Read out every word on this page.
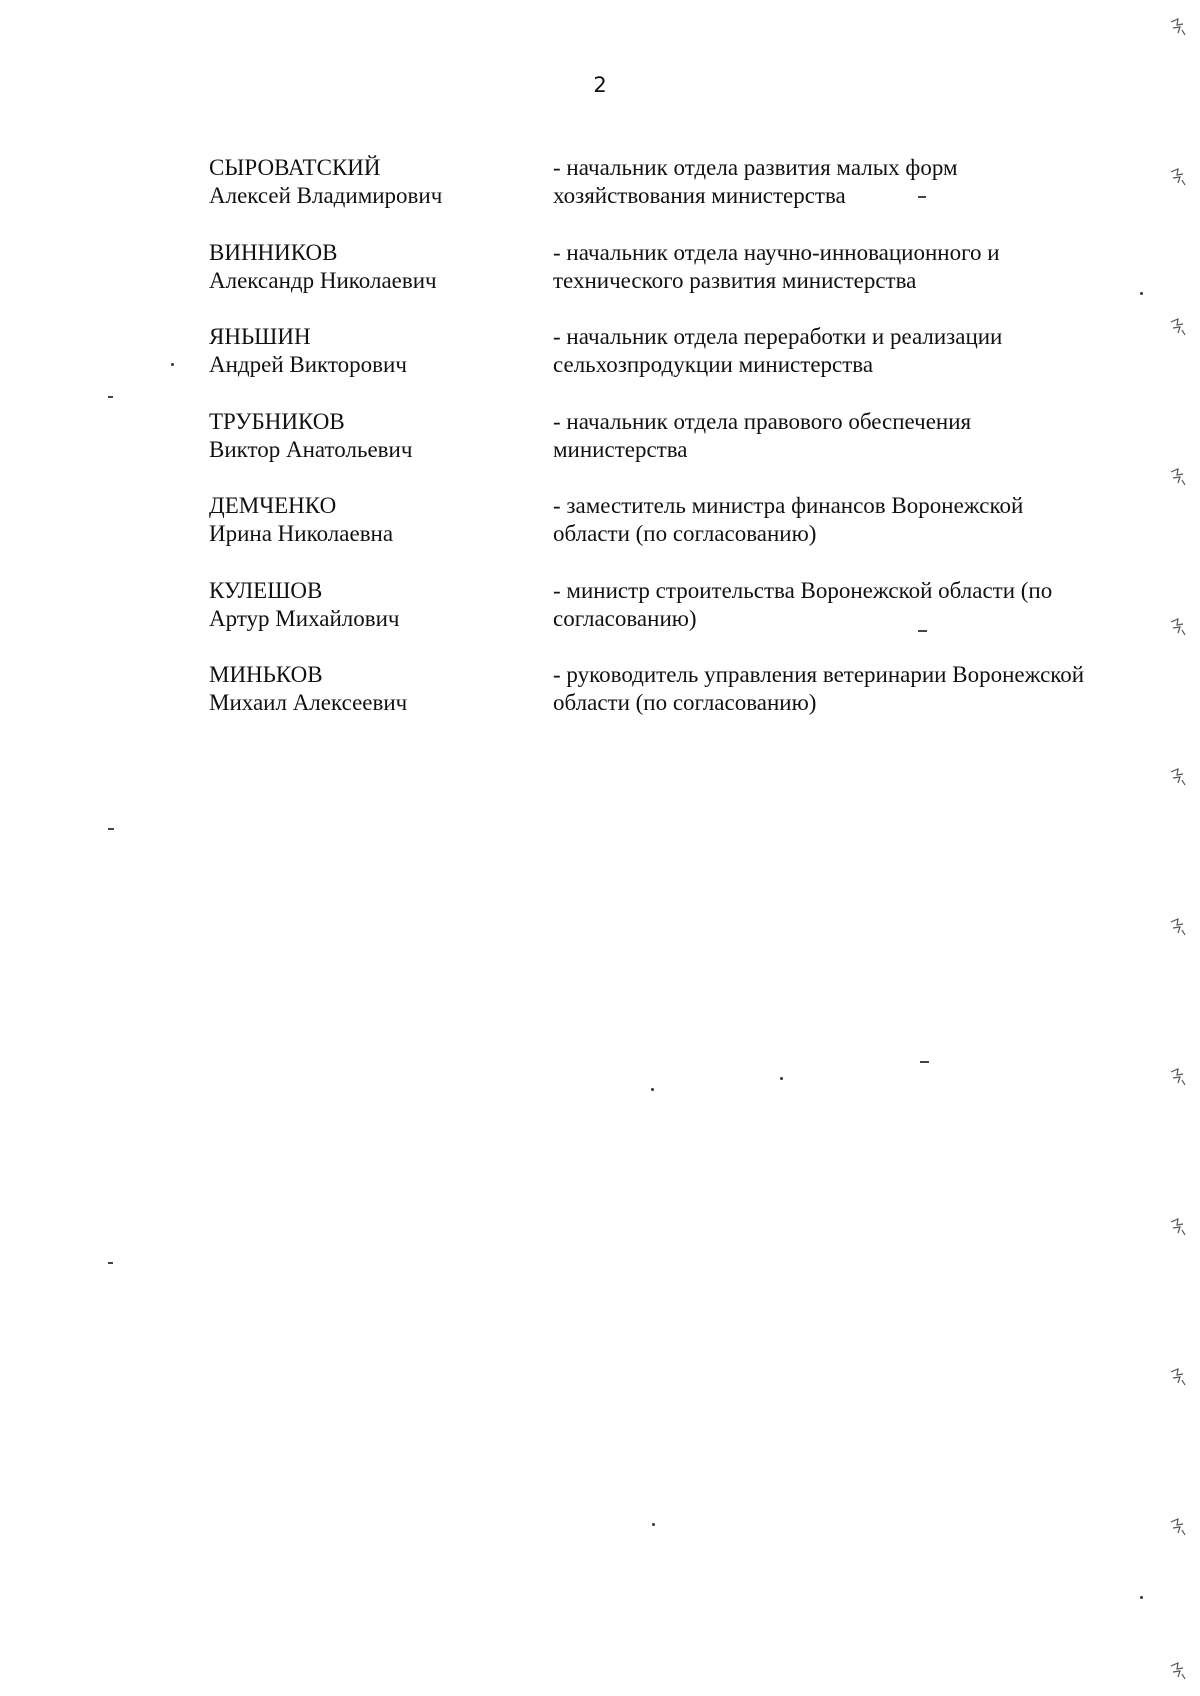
2
СЫРОВАТСКИЙ
Алексей Владимирович
- начальник отдела развития малых форм
хозяйствования министерства
ВИННИКОВ
Александр Николаевич
- начальник отдела научно-инновационного и
технического развития министерства
ЯНЬШИН
Андрей Викторович
- начальник отдела переработки и реализации
сельхозпродукции министерства
ТРУБНИКОВ
Виктор Анатольевич
- начальник отдела правового обеспечения
министерства
ДЕМЧЕНКО
Ирина Николаевна
- заместитель министра финансов Воронежской
области (по согласованию)
КУЛЕШОВ
Артур Михайлович
- министр строительства Воронежской области (по
согласованию)
МИНЬКОВ
Михаил Алексеевич
- руководитель управления ветеринарии Воронежской
области (по согласованию)
